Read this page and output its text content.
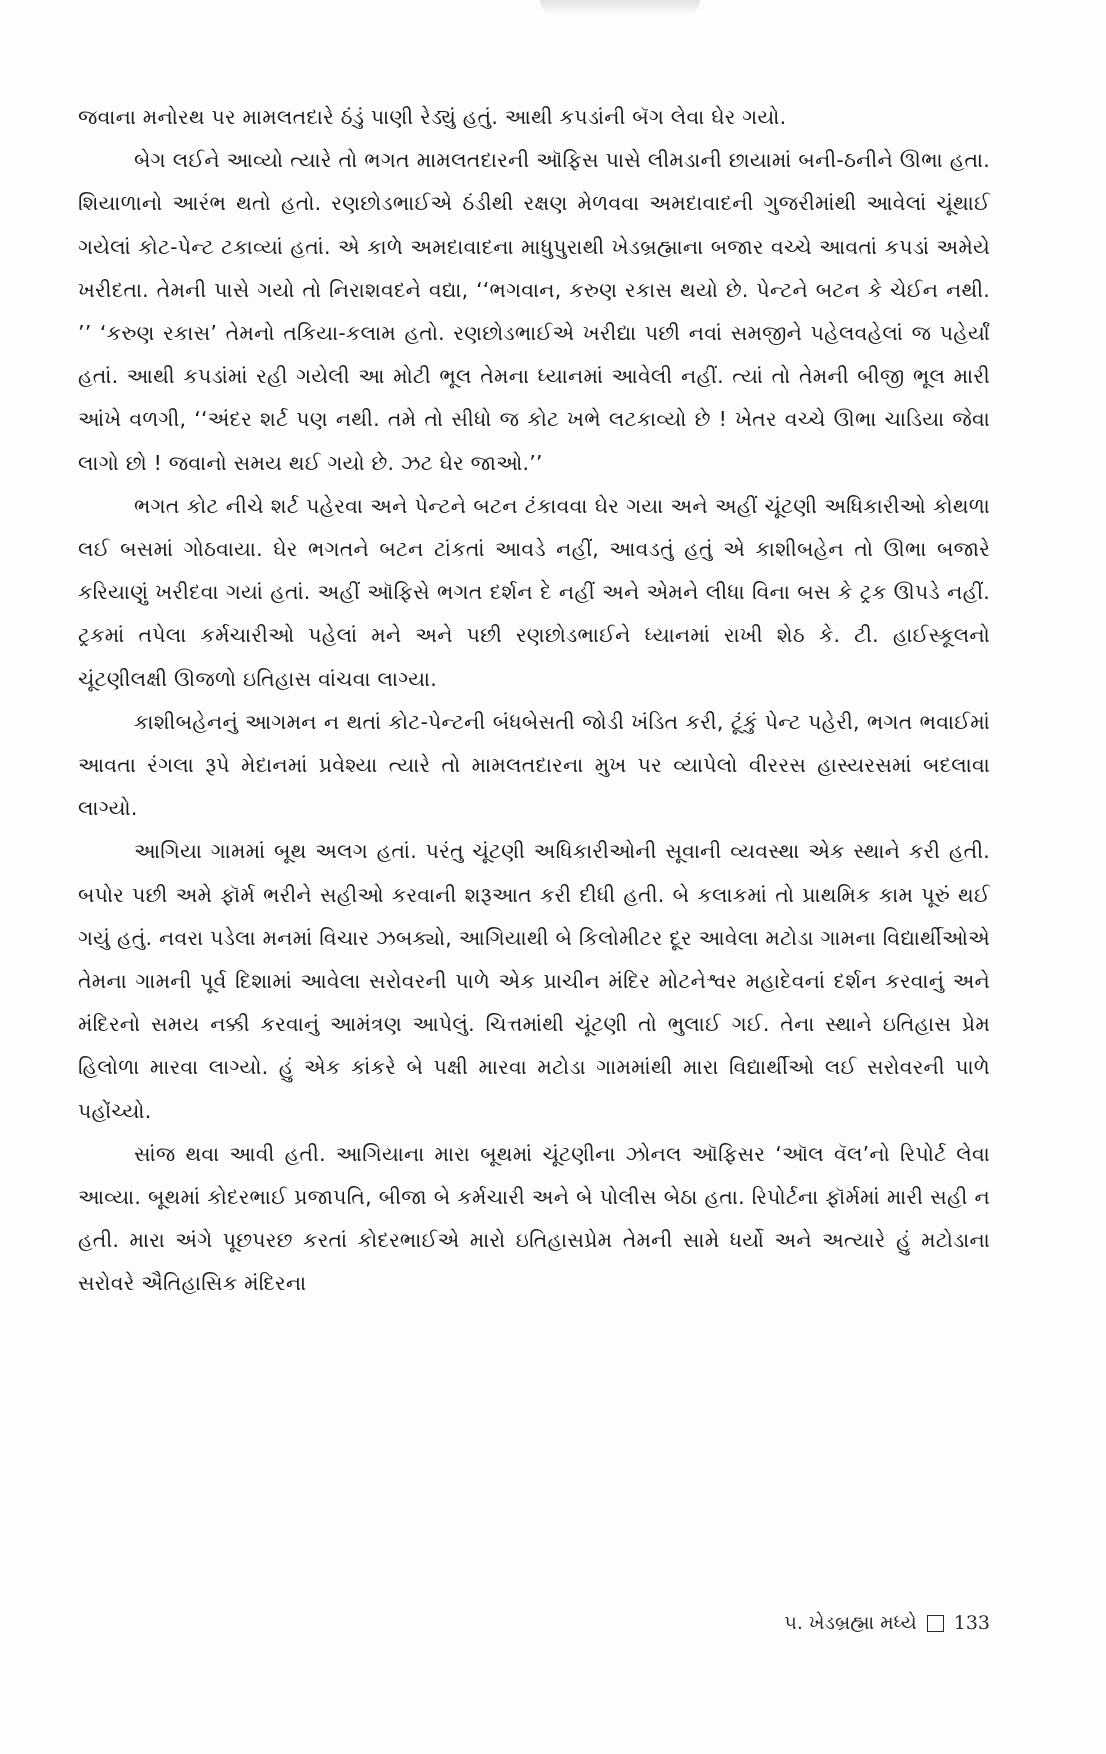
જવાના મનોરથ પર મામલતદારે ઠંડું પાણી રેડ્યું હતું. આથી કપડાંની બૅગ લેવા ઘેર ગયો.

બેગ લઈને આવ્યો ત્યારે તો ભગત મામલતદારની ઑફિસ પાસે લીમડાની છાયામાં બની-ઠનીને ઊભા હતા. શિયાળાનો આરંભ થતો હતો. રણછોડભાઈએ ઠંડીથી રક્ષણ મેળવવા અમદાવાદની ગુજરીમાંથી આવેલાં ચૂંથાઈ ગયેલાં કોટ-પેન્ટ ટકાવ્યાં હતાં. એ કાળે અમદાવાદના માધુપુરાથી ખેડબ્રહ્માના બજાર વચ્ચે આવતાં કપડાં અમેયે ખરીદતા. તેમની પાસે ગયો તો નિરાશવદને વદ્યા, ‘‘ભગવાન, કરુણ રકાસ થયો છે. પેન્ટને બટન કે ચેઈન નથી. ’’ ‘કરુણ રકાસ’ તેમનો તકિયા-કલામ હતો. રણછોડભાઈએ ખરીદ્યા પછી નવાં સમજીને પહેલવહેલાં જ પહેર્યાં હતાં. આથી કપડાંમાં રહી ગયેલી આ મોટી ભૂલ તેમના ધ્યાનમાં આવેલી નહીં. ત્યાં તો તેમની બીજી ભૂલ મારી આંખે વળગી, ‘‘અંદર શર્ટ પણ નથી. તમે તો સીધો જ કોટ ખભે લટકાવ્યો છે ! ખેતર વચ્ચે ઊભા ચાડિયા જેવા લાગો છો ! જવાનો સમય થઈ ગયો છે. ઝટ ઘેર જાઓ.’’

ભગત કોટ નીચે શર્ટ પહેરવા અને પેન્ટને બટન ટંકાવવા ઘેર ગયા અને અહીં ચૂંટણી અધિકારીઓ કોથળા લઈ બસમાં ગોઠવાયા. ઘેર ભગતને બટન ટાંકતાં આવડે નહીં, આવડતું હતું એ કાશીબહેન તો ઊભા બજારે કરિયાણું ખરીદવા ગયાં હતાં. અહીં ઑફિસે ભગત દર્શન દે નહીં અને એમને લીધા વિના બસ કે ટ્રક ઊપડે નહીં. ટ્રકમાં તપેલા કર્મચારીઓ પહેલાં મને અને પછી રણછોડભાઈને ધ્યાનમાં રાખી શેઠ કે. ટી. હાઈસ્કૂલનો ચૂંટણીલક્ષી ઊજળો ઇતિહાસ વાંચવા લાગ્યા.

કાશીબહેનનું આગમન ન થતાં કોટ-પેન્ટની બંધબેસતી જોડી ખંડિત કરી, ટૂંકું પેન્ટ પહેરી, ભગત ભવાઈમાં આવતા રંગલા રૂપે મેદાનમાં પ્રવેશ્યા ત્યારે તો મામલતદારના મુખ પર વ્યાપેલો વીરરસ હાસ્યરસમાં બદલાવા લાગ્યો.

આગિયા ગામમાં બૂથ અલગ હતાં. પરંતુ ચૂંટણી અધિકારીઓની સૂવાની વ્યવસ્થા એક સ્થાને કરી હતી. બપોર પછી અમે ફૉર્મ ભરીને સહીઓ કરવાની શરૂઆત કરી દીધી હતી. બે કલાકમાં તો પ્રાથમિક કામ પૂરું થઈ ગયું હતું. નવરા પડેલા મનમાં વિચાર ઝબક્યો, આગિયાથી બે કિલોમીટર દૂર આવેલા મટોડા ગામના વિદ્યાર્થીઓએ તેમના ગામની પૂર્વ દિશામાં આવેલા સરોવરની પાળે એક પ્રાચીન મંદિર મોટનેશ્વર મહાદેવનાં દર્શન કરવાનું અને મંદિરનો સમય નક્કી કરવાનું આમંત્રણ આપેલું. ચિત્તમાંથી ચૂંટણી તો ભુલાઈ ગઈ. તેના સ્થાને ઇતિહાસ પ્રેમ હિલોળા મારવા લાગ્યો. હું એક કાંકરે બે પક્ષી મારવા મટોડા ગામમાંથી મારા વિદ્યાર્થીઓ લઈ સરોવરની પાળે પહોંચ્યો.

સાંજ થવા આવી હતી. આગિયાના મારા બૂથમાં ચૂંટણીના ઝોનલ ઑફિસર ‘ઑલ વૅલ’નો રિપોર્ટ લેવા આવ્યા. બૂથમાં કોદરભાઈ પ્રજાપતિ, બીજા બે કર્મચારી અને બે પોલીસ બેઠા હતા. રિપોર્ટના ફૉર્મમાં મારી સહી ન હતી. મારા અંગે પૂછપરછ કરતાં કોદરભાઈએ મારો ઇતિહાસપ્રેમ તેમની સામે ધર્યો અને અત્યારે હું મટોડાના સરોવરે ઐતિહાસિક મંદિરના

૫. ખેડબ્રહ્મા મધ્યે 133
